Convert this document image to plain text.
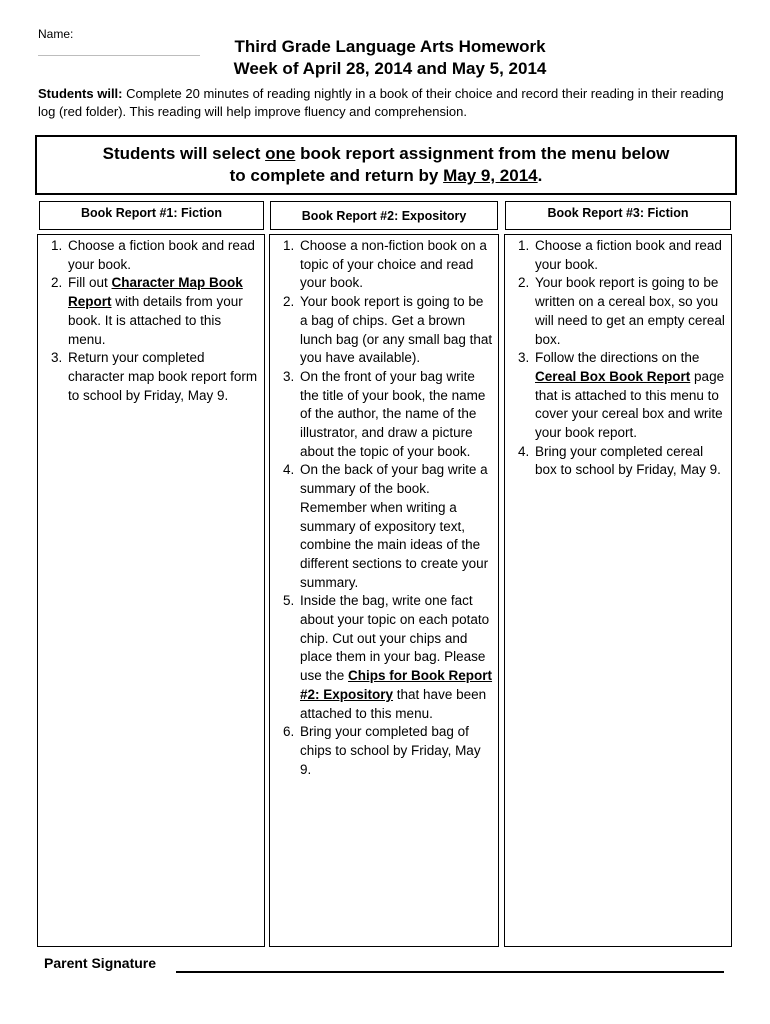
Name:
Third Grade Language Arts Homework
Week of April 28, 2014 and May 5, 2014
Students will: Complete 20 minutes of reading nightly in a book of their choice and record their reading in their reading log (red folder). This reading will help improve fluency and comprehension.
Students will select one book report assignment from the menu below
to complete and return by May 9, 2014.
Book Report #1: Fiction	Book Report #2: Expository	Book Report #3: Fiction
1. Choose a fiction book and read your book.
2. Fill out Character Map Book Report with details from your book. It is attached to this menu.
3. Return your completed character map book report form to school by Friday, May 9.
1. Choose a non-fiction book on a topic of your choice and read your book.
2. Your book report is going to be a bag of chips. Get a brown lunch bag (or any small bag that you have available).
3. On the front of your bag write the title of your book, the name of the author, the name of the illustrator, and draw a picture about the topic of your book.
4. On the back of your bag write a summary of the book. Remember when writing a summary of expository text, combine the main ideas of the different sections to create your summary.
5. Inside the bag, write one fact about your topic on each potato chip. Cut out your chips and place them in your bag. Please use the Chips for Book Report #2: Expository that have been attached to this menu.
6. Bring your completed bag of chips to school by Friday, May 9.
1. Choose a fiction book and read your book.
2. Your book report is going to be written on a cereal box, so you will need to get an empty cereal box.
3. Follow the directions on the Cereal Box Book Report page that is attached to this menu to cover your cereal box and write your book report.
4. Bring your completed cereal box to school by Friday, May 9.
Parent Signature
